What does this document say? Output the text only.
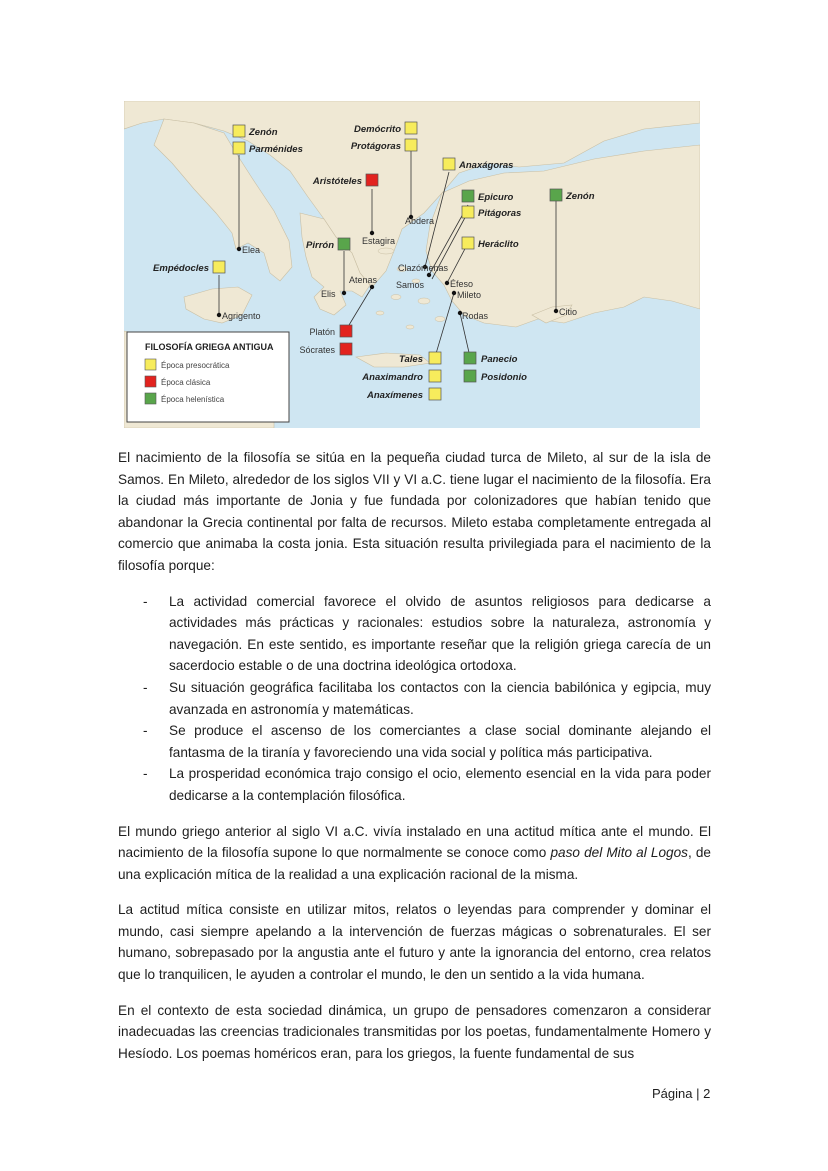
Elea
Agrigento
Abdera
Estagira
Clazómenas
Atenas
Elis
Samos	Éfeso
Mileto
Rodas	Citio
Zenón
Parménides
Demócrito
Protágoras
Anaxágoras
Aristóteles
Epicuro
Pitágoras
Zenón
Pirrón	Heráclito
Empédocles
Platón
Sócrates
Tales
Anaximandro
Anaxímenes
Panecio
Posidonio
FILOSOFÍA GRIEGA ANTIGUA
Época presocrática
Época clásica
Época helenística

El nacimiento de la filosofía se sitúa en la pequeña ciudad turca de Mileto, al sur de la isla de Samos. En Mileto, alrededor de los siglos VII y VI a.C. tiene lugar el nacimiento de la filosofía. Era la ciudad más importante de Jonia y fue fundada por colonizadores que habían tenido que abandonar la Grecia continental por falta de recursos. Mileto estaba completamente entregada al comercio que animaba la costa jonia. Esta situación resulta privilegiada para el nacimiento de la filosofía porque:

- La actividad comercial favorece el olvido de asuntos religiosos para dedicarse a actividades más prácticas y racionales: estudios sobre la naturaleza, astronomía y navegación. En este sentido, es importante reseñar que la religión griega carecía de un sacerdocio estable o de una doctrina ideológica ortodoxa.
- Su situación geográfica facilitaba los contactos con la ciencia babilónica y egipcia, muy avanzada en astronomía y matemáticas.
- Se produce el ascenso de los comerciantes a clase social dominante alejando el fantasma de la tiranía y favoreciendo una vida social y política más participativa.
- La prosperidad económica trajo consigo el ocio, elemento esencial en la vida para poder dedicarse a la contemplación filosófica.

El mundo griego anterior al siglo VI a.C. vivía instalado en una actitud mítica ante el mundo. El nacimiento de la filosofía supone lo que normalmente se conoce como paso del Mito al Logos, de una explicación mítica de la realidad a una explicación racional de la misma.

La actitud mítica consiste en utilizar mitos, relatos o leyendas para comprender y dominar el mundo, casi siempre apelando a la intervención de fuerzas mágicas o sobrenaturales. El ser humano, sobrepasado por la angustia ante el futuro y ante la ignorancia del entorno, crea relatos que lo tranquilicen, le ayuden a controlar el mundo, le den un sentido a la vida humana.

En el contexto de esta sociedad dinámica, un grupo de pensadores comenzaron a considerar inadecuadas las creencias tradicionales transmitidas por los poetas, fundamentalmente Homero y Hesíodo. Los poemas homéricos eran, para los griegos, la fuente fundamental de sus

Página | 2
